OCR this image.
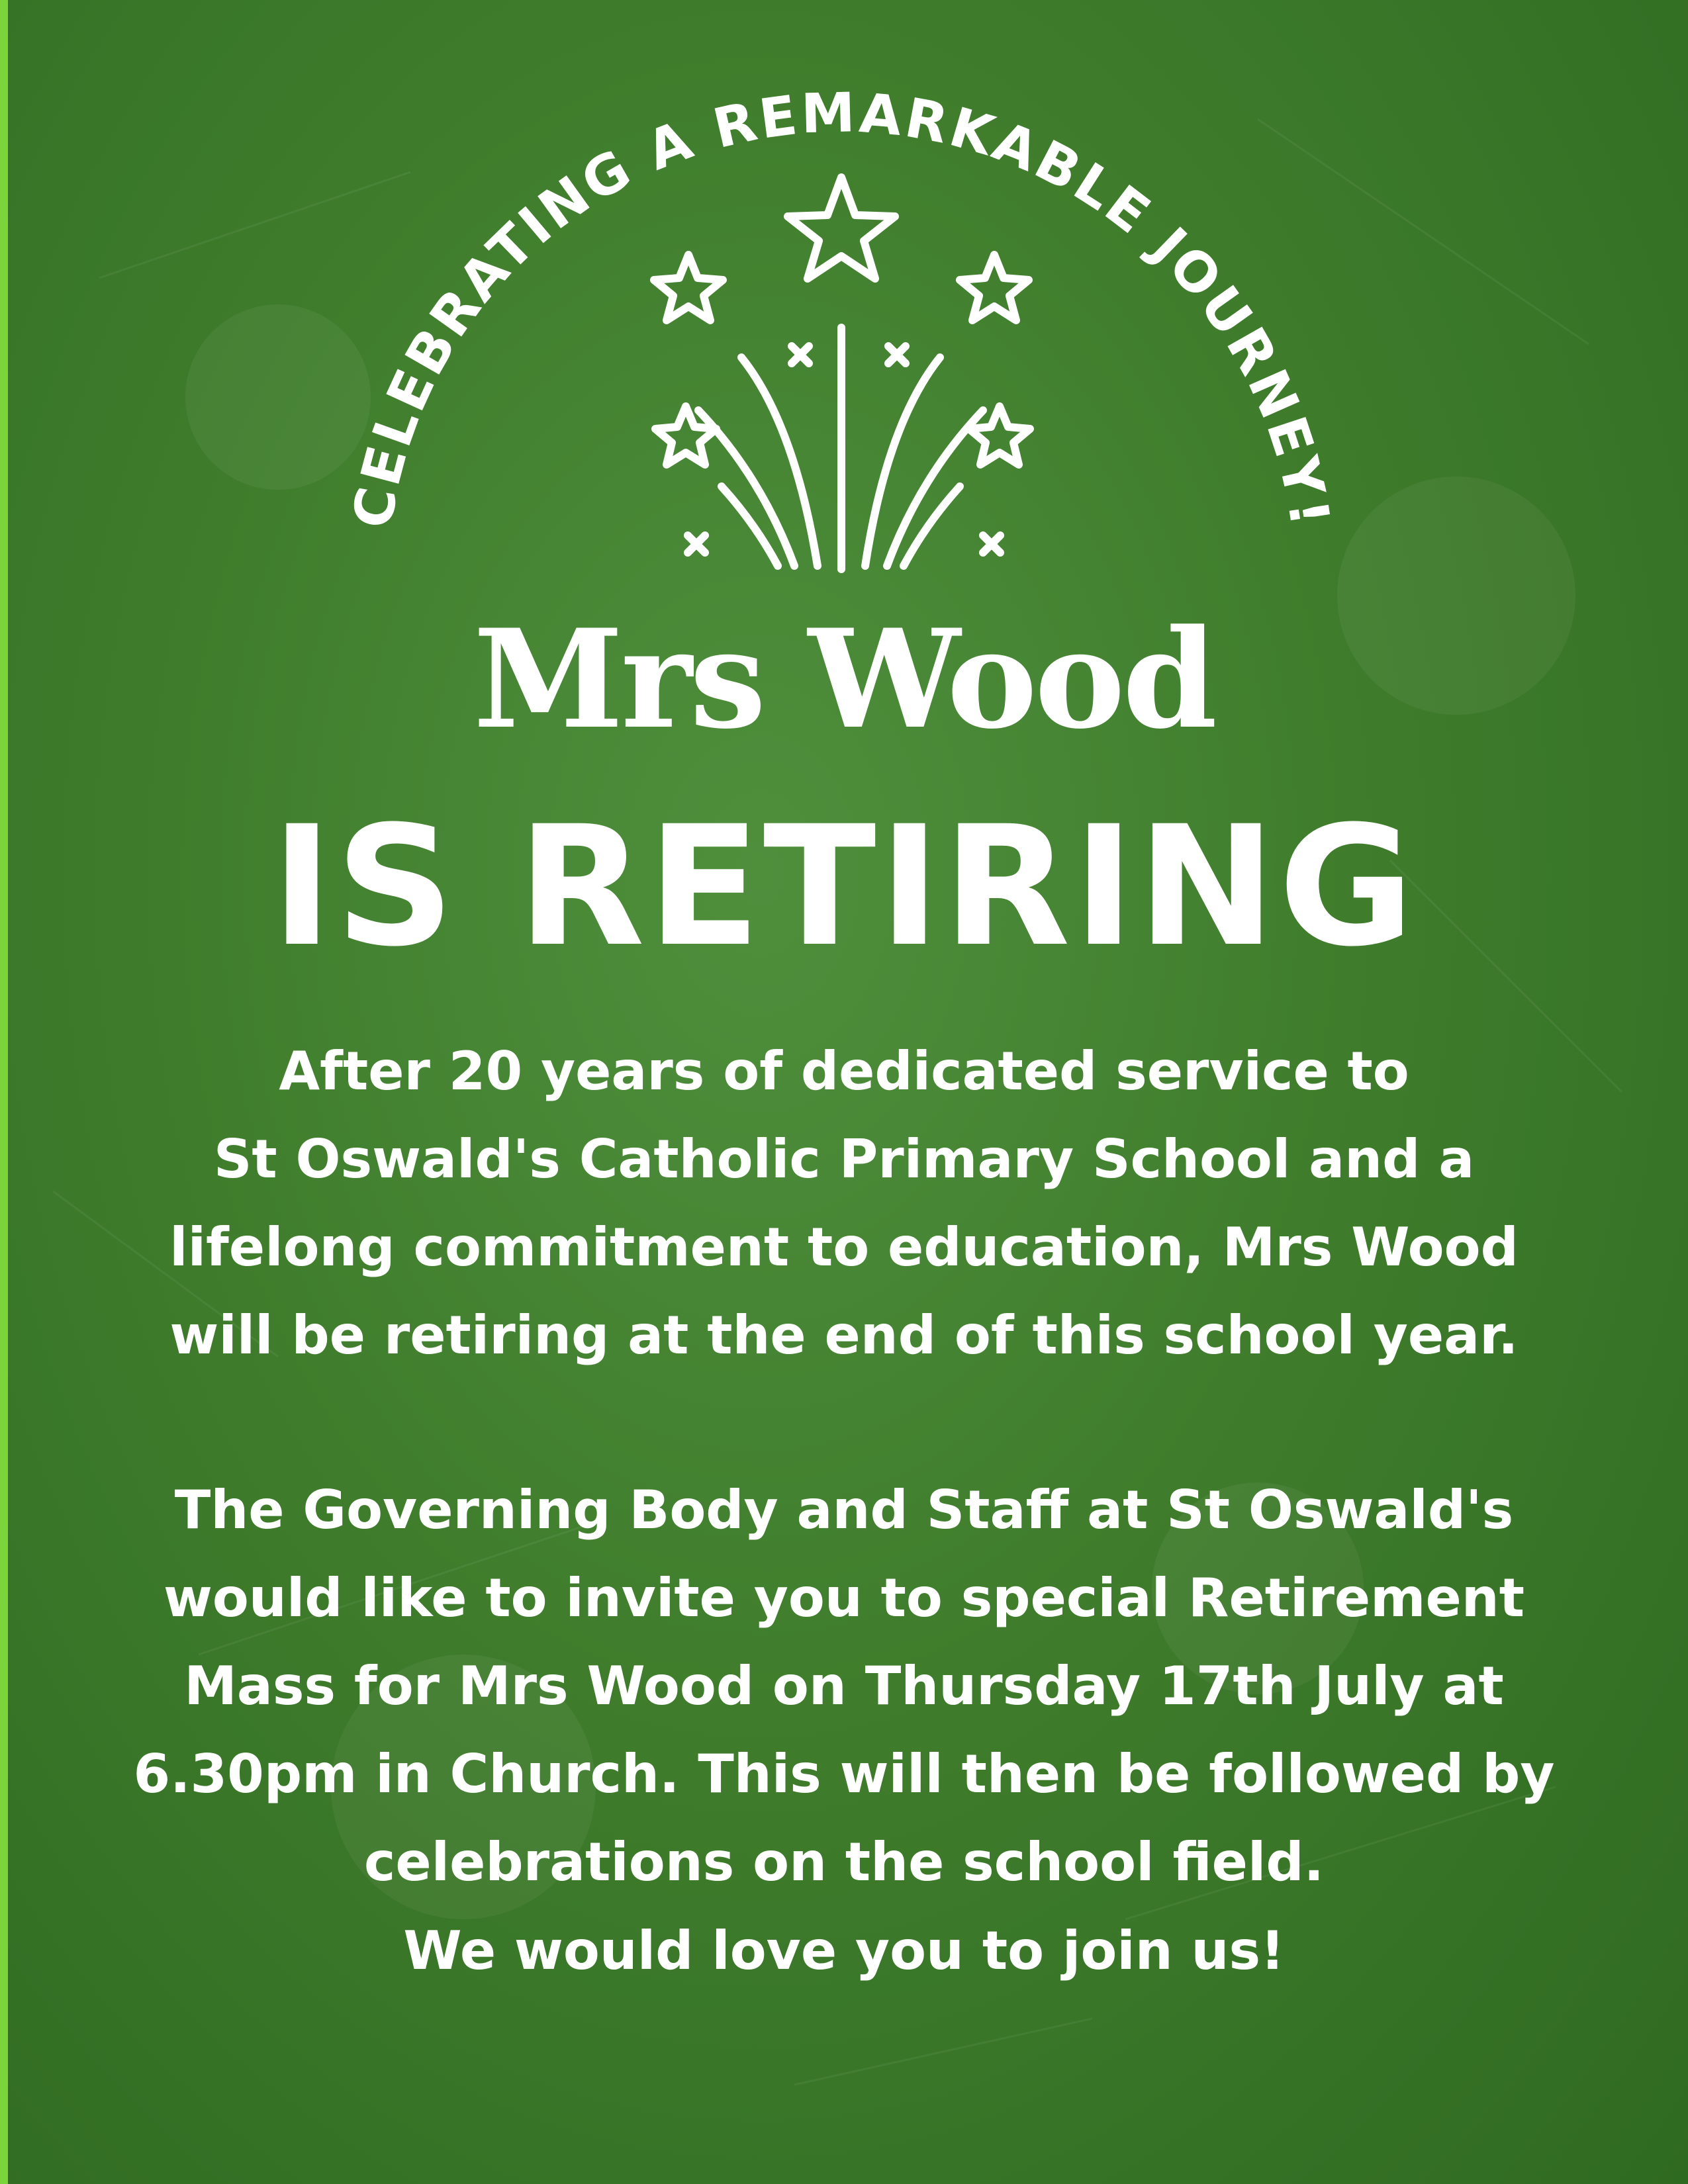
CELEBRATING A REMARKABLE JOURNEY!
Mrs Wood
IS RETIRING
After 20 years of dedicated service to
St Oswald's Catholic Primary School and a
lifelong commitment to education, Mrs Wood
will be retiring at the end of this school year.
The Governing Body and Staff at St Oswald's
would like to invite you to special Retirement
Mass for Mrs Wood on Thursday 17th July at
6.30pm in Church. This will then be followed by
celebrations on the school field.
We would love you to join us!
